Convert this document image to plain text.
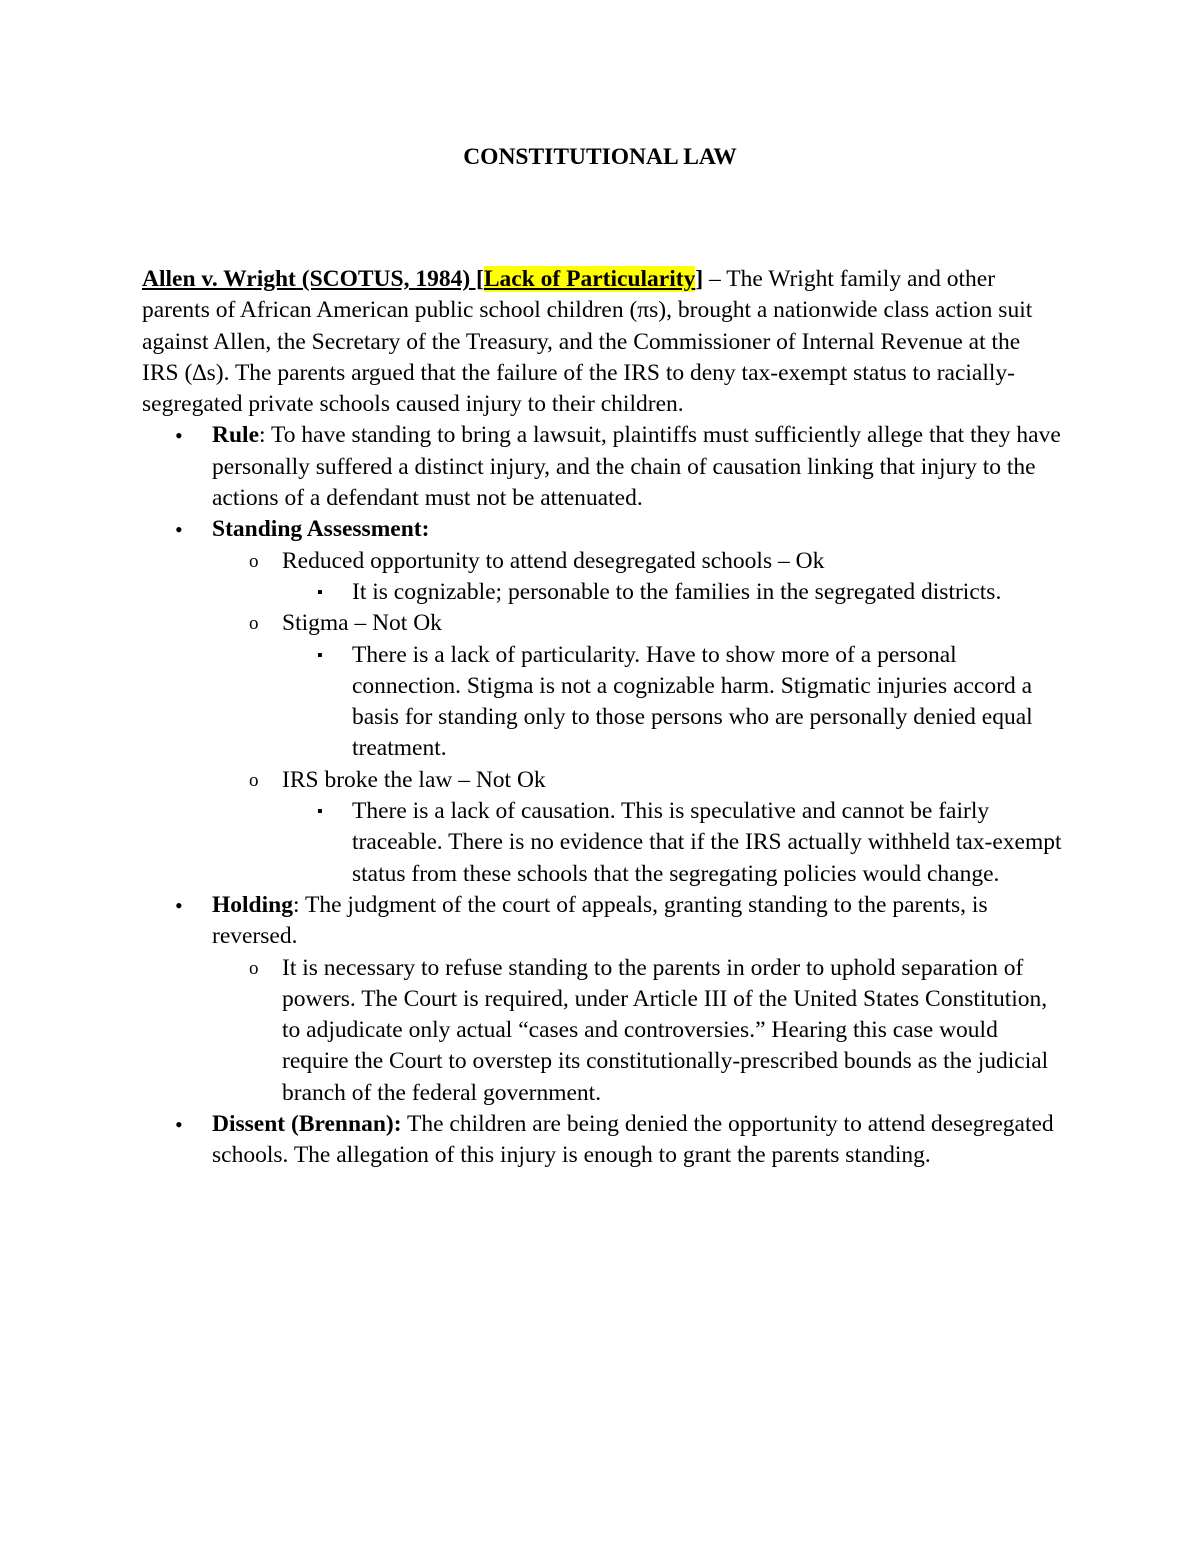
CONSTITUTIONAL LAW

Allen v. Wright (SCOTUS, 1984) [Lack of Particularity] – The Wright family and other parents of African American public school children (πs), brought a nationwide class action suit against Allen, the Secretary of the Treasury, and the Commissioner of Internal Revenue at the IRS (∆s). The parents argued that the failure of the IRS to deny tax-exempt status to racially-segregated private schools caused injury to their children.

• Rule: To have standing to bring a lawsuit, plaintiffs must sufficiently allege that they have personally suffered a distinct injury, and the chain of causation linking that injury to the actions of a defendant must not be attenuated.
• Standing Assessment:
o Reduced opportunity to attend desegregated schools – Ok
▪ It is cognizable; personable to the families in the segregated districts.
o Stigma – Not Ok
▪ There is a lack of particularity. Have to show more of a personal connection. Stigma is not a cognizable harm. Stigmatic injuries accord a basis for standing only to those persons who are personally denied equal treatment.
o IRS broke the law – Not Ok
▪ There is a lack of causation. This is speculative and cannot be fairly traceable. There is no evidence that if the IRS actually withheld tax-exempt status from these schools that the segregating policies would change.
• Holding: The judgment of the court of appeals, granting standing to the parents, is reversed.
o It is necessary to refuse standing to the parents in order to uphold separation of powers. The Court is required, under Article III of the United States Constitution, to adjudicate only actual “cases and controversies.” Hearing this case would require the Court to overstep its constitutionally-prescribed bounds as the judicial branch of the federal government.
• Dissent (Brennan): The children are being denied the opportunity to attend desegregated schools. The allegation of this injury is enough to grant the parents standing.
